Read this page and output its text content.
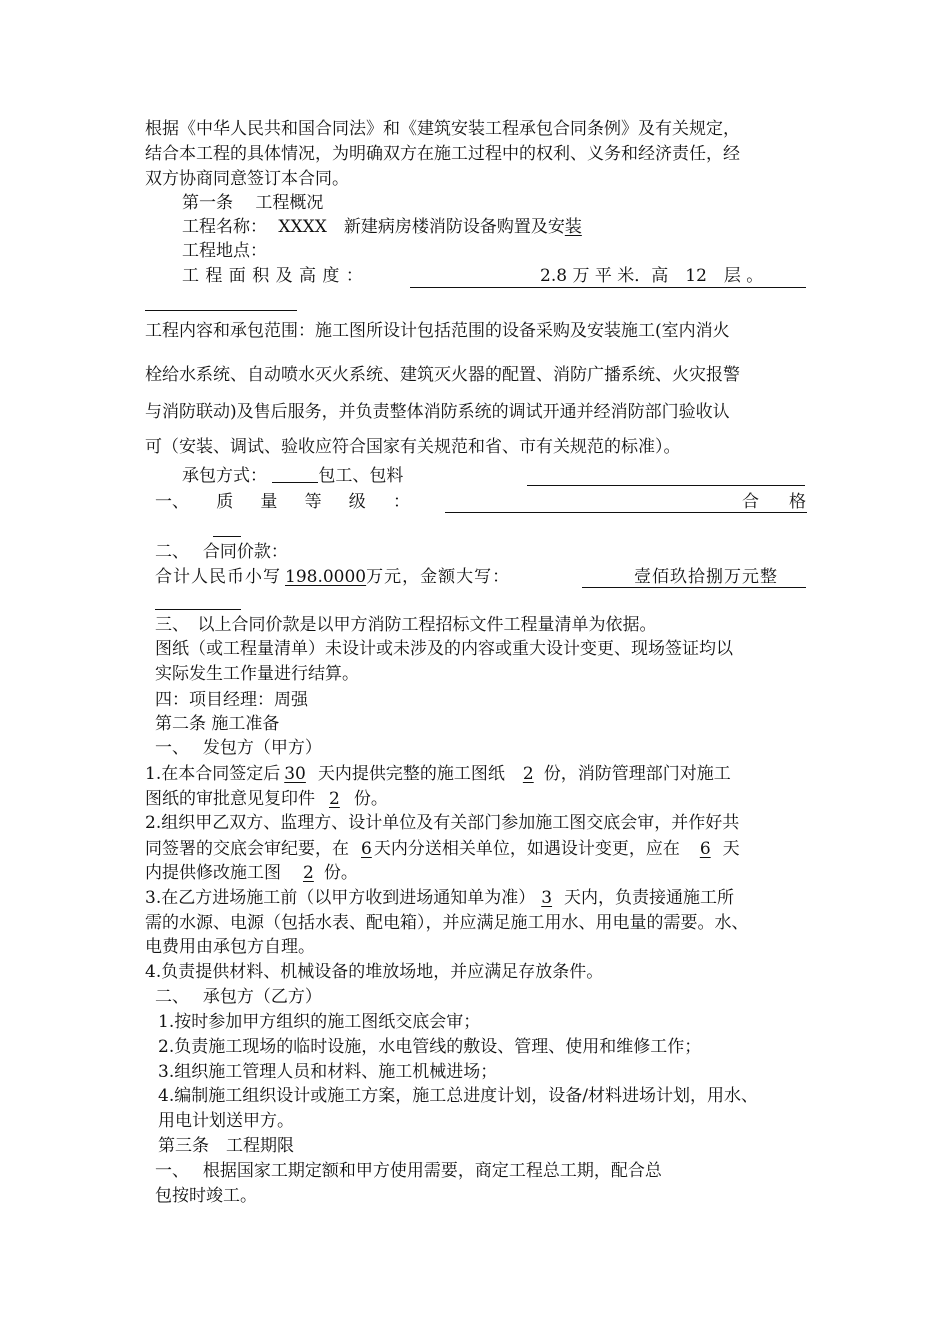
根据《中华人民共和国合同法》和《建筑安装工程承包合同条例》及有关规定，
结合本工程的具体情况，为明确双方在施工过程中的权利、义务和经济责任，经
双方协商同意签订本合同。
第一条　 工程概况
工程名称： XXXX　新建病房楼消防设备购置及安装
工程地点：
工 程 面 积 及 高 度 ：	2.8 万 平 米．高　12　层 。
工程内容和承包范围：施工图所设计包括范围的设备采购及安装施工(室内消火
栓给水系统、自动喷水灭火系统、建筑灭火器的配置、消防广播系统、火灾报警
与消防联动)及售后服务，并负责整体消防系统的调试开通并经消防部门验收认
可（安装、调试、验收应符合国家有关规范和省、市有关规范的标准）。
承包方式：	包工、包料
一、 质 量 等 级 ：	合 格
二、　 合同价款：
合计人民币小写 198.0000万元，金额大写：	壹佰玖拾捌万元整
三、　以上合同价款是以甲方消防工程招标文件工程量清单为依据。
图纸（或工程量清单）未设计或未涉及的内容或重大设计变更、现场签证均以
实际发生工作量进行结算。
四：项目经理：周强
第二条 施工准备
一、　 发包方（甲方）
1.在本合同签定后 30 天内提供完整的施工图纸 2 份，消防管理部门对施工
图纸的审批意见复印件 2 份。
2.组织甲乙双方、监理方、设计单位及有关部门参加施工图交底会审，并作好共
同签署的交底会审纪要，在 6 天内分送相关单位，如遇设计变更，应在 6 天
内提供修改施工图 2 份。
3.在乙方进场施工前（以甲方收到进场通知单为准） 3 天内，负责接通施工所
需的水源、电源（包括水表、配电箱），并应满足施工用水、用电量的需要。水、
电费用由承包方自理。
4.负责提供材料、机械设备的堆放场地，并应满足存放条件。
二、　 承包方（乙方）
1.按时参加甲方组织的施工图纸交底会审；
2.负责施工现场的临时设施，水电管线的敷设、管理、使用和维修工作；
3.组织施工管理人员和材料、施工机械进场；
4.编制施工组织设计或施工方案，施工总进度计划，设备/材料进场计划，用水、
用电计划送甲方。
第三条　工程期限
一、　 根据国家工期定额和甲方使用需要，商定工程总工期，配合总
包按时竣工。
